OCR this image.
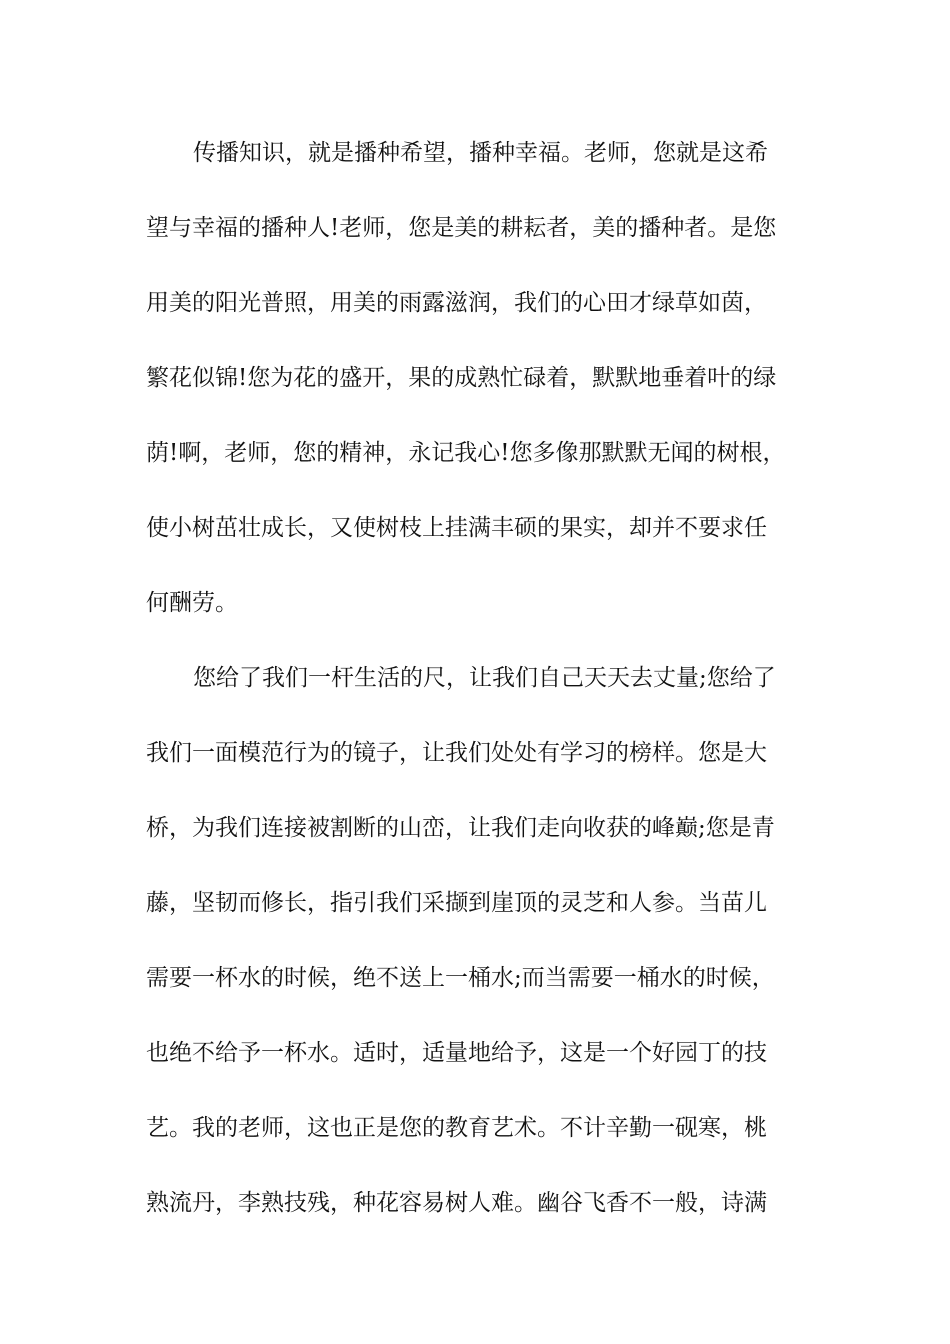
传播知识，就是播种希望，播种幸福。老师，您就是这希

望与幸福的播种人!老师，您是美的耕耘者，美的播种者。是您

用美的阳光普照，用美的雨露滋润，我们的心田才绿草如茵，

繁花似锦!您为花的盛开，果的成熟忙碌着，默默地垂着叶的绿

荫!啊，老师，您的精神，永记我心!您多像那默默无闻的树根，

使小树茁壮成长，又使树枝上挂满丰硕的果实，却并不要求任

何酬劳。

您给了我们一杆生活的尺，让我们自己天天去丈量;您给了

我们一面模范行为的镜子，让我们处处有学习的榜样。您是大

桥，为我们连接被割断的山峦，让我们走向收获的峰巅;您是青

藤，坚韧而修长，指引我们采撷到崖顶的灵芝和人参。当苗儿

需要一杯水的时候，绝不送上一桶水;而当需要一桶水的时候，

也绝不给予一杯水。适时，适量地给予，这是一个好园丁的技

艺。我的老师，这也正是您的教育艺术。不计辛勤一砚寒，桃

熟流丹，李熟技残，种花容易树人难。幽谷飞香不一般，诗满
